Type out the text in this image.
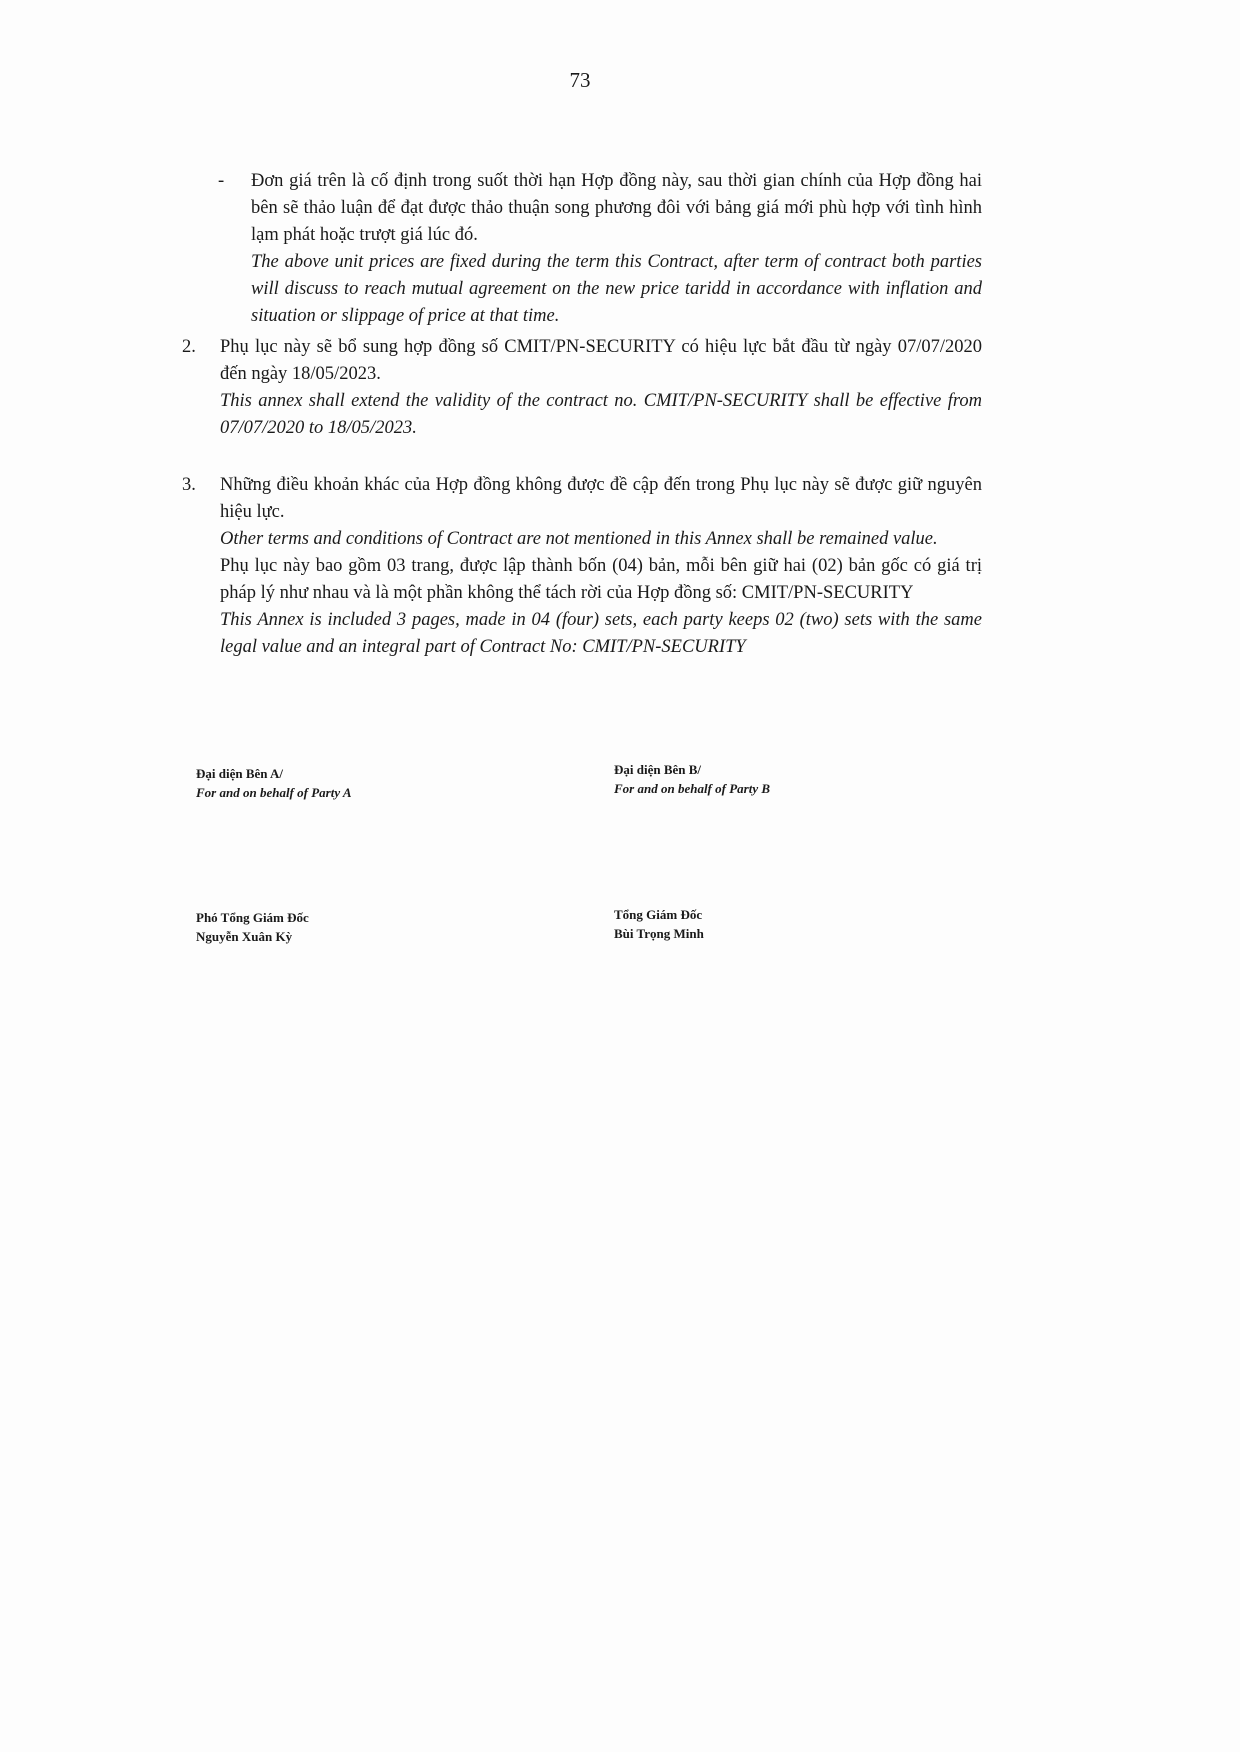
73
- Đơn giá trên là cố định trong suốt thời hạn Hợp đồng này, sau thời gian chính của Hợp đồng hai bên sẽ thảo luận để đạt được thảo thuận song phương đôi với bảng giá mới phù hợp với tình hình lạm phát hoặc trượt giá lúc đó.
The above unit prices are fixed during the term this Contract, after term of contract both parties will discuss to reach mutual agreement on the new price taridd in accordance with inflation and situation or slippage of price at that time.
2. Phụ lục này sẽ bổ sung hợp đồng số CMIT/PN-SECURITY có hiệu lực bắt đầu từ ngày 07/07/2020 đến ngày 18/05/2023.
This annex shall extend the validity of the contract no. CMIT/PN-SECURITY shall be effective from 07/07/2020 to 18/05/2023.
3. Những điều khoản khác của Hợp đồng không được đề cập đến trong Phụ lục này sẽ được giữ nguyên hiệu lực.
Other terms and conditions of Contract are not mentioned in this Annex shall be remained value.
Phụ lục này bao gồm 03 trang, được lập thành bốn (04) bản, mỗi bên giữ hai (02) bản gốc có giá trị pháp lý như nhau và là một phần không thể tách rời của Hợp đồng số: CMIT/PN-SECURITY
This Annex is included 3 pages, made in 04 (four) sets, each party keeps 02 (two) sets with the same legal value and an integral part of Contract No: CMIT/PN-SECURITY
Đại diện Bên A/
For and on behalf of Party A
Đại diện Bên B/
For and on behalf of Party B
Phó Tổng Giám Đốc
Nguyễn Xuân Kỳ
Tổng Giám Đốc
Bùi Trọng Minh
